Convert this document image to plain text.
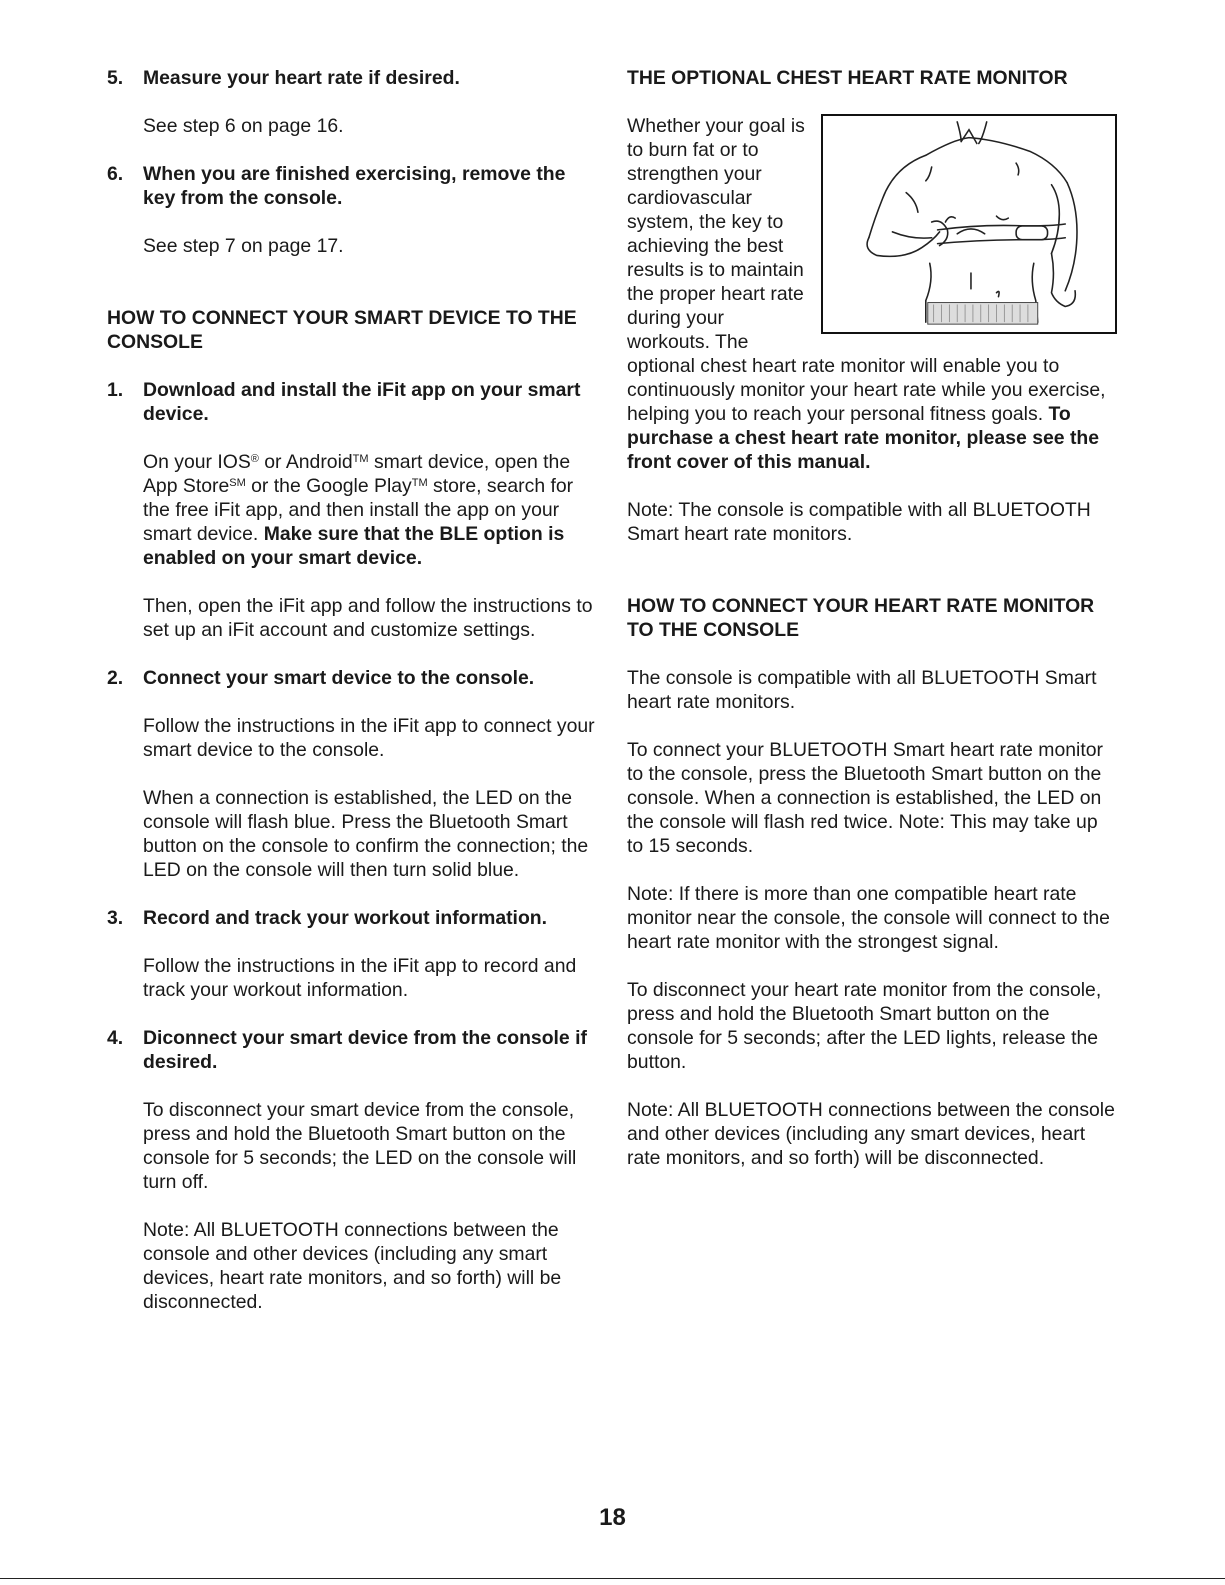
5. Measure your heart rate if desired.

See step 6 on page 16.

6. When you are finished exercising, remove the key from the console.

See step 7 on page 17.

HOW TO CONNECT YOUR SMART DEVICE TO THE CONSOLE

1. Download and install the iFit app on your smart device.

On your IOS® or Android™ smart device, open the App Store℠ or the Google Play™ store, search for the free iFit app, and then install the app on your smart device. Make sure that the BLE option is enabled on your smart device.

Then, open the iFit app and follow the instructions to set up an iFit account and customize settings.

2. Connect your smart device to the console.

Follow the instructions in the iFit app to connect your smart device to the console.

When a connection is established, the LED on the console will flash blue. Press the Bluetooth Smart button on the console to confirm the connection; the LED on the console will then turn solid blue.

3. Record and track your workout information.

Follow the instructions in the iFit app to record and track your workout information.

4. Diconnect your smart device from the console if desired.

To disconnect your smart device from the console, press and hold the Bluetooth Smart button on the console for 5 seconds; the LED on the console will turn off.

Note: All BLUETOOTH connections between the console and other devices (including any smart devices, heart rate monitors, and so forth) will be disconnected.

THE OPTIONAL CHEST HEART RATE MONITOR

Whether your goal is to burn fat or to strengthen your cardiovascular system, the key to achieving the best results is to maintain the proper heart rate during your workouts. The optional chest heart rate monitor will enable you to continuously monitor your heart rate while you exercise, helping you to reach your personal fitness goals. To purchase a chest heart rate monitor, please see the front cover of this manual.

Note: The console is compatible with all BLUETOOTH Smart heart rate monitors.

HOW TO CONNECT YOUR HEART RATE MONITOR TO THE CONSOLE

The console is compatible with all BLUETOOTH Smart heart rate monitors.

To connect your BLUETOOTH Smart heart rate monitor to the console, press the Bluetooth Smart button on the console. When a connection is established, the LED on the console will flash red twice. Note: This may take up to 15 seconds.

Note: If there is more than one compatible heart rate monitor near the console, the console will connect to the heart rate monitor with the strongest signal.

To disconnect your heart rate monitor from the console, press and hold the Bluetooth Smart button on the console for 5 seconds; after the LED lights, release the button.

Note: All BLUETOOTH connections between the console and other devices (including any smart devices, heart rate monitors, and so forth) will be disconnected.

18
